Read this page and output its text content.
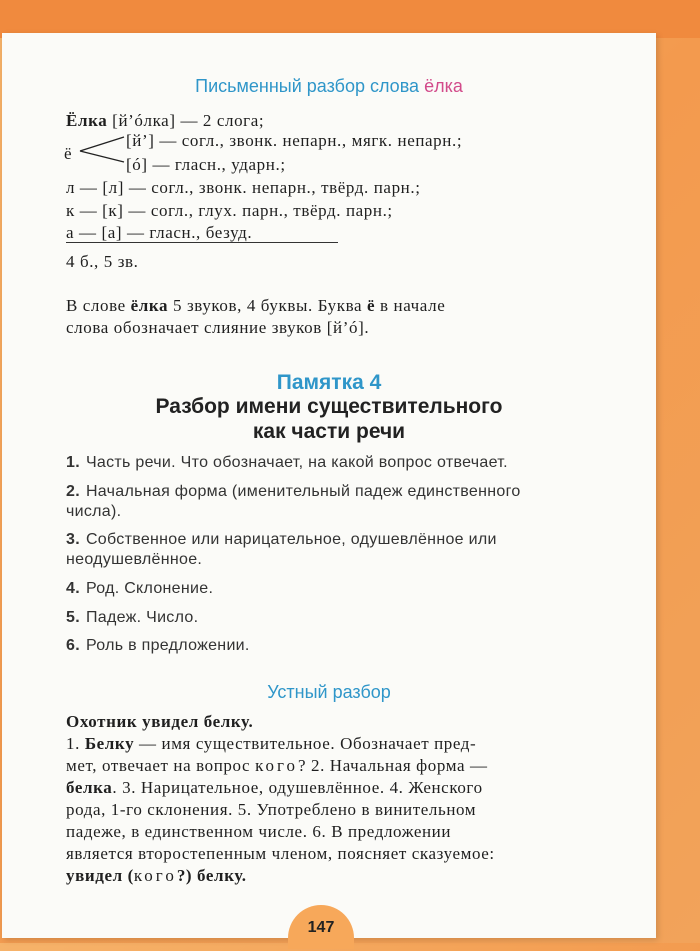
Письменный разбор слова ёлка
Ёлка [й’óлка] — 2 слога;
ё
[й’] — согл., звонк. непарн., мягк. непарн.;
[ó] — гласн., ударн.;
л — [л] — согл., звонк. непарн., твёрд. парн.;
к — [к] — согл., глух. парн., твёрд. парн.;
а — [а] — гласн., безуд.
4 б., 5 зв.
В слове ёлка 5 звуков, 4 буквы. Буква ё в начале
слова обозначает слияние звуков [й’ó].
Памятка 4
Разбор имени существительного
как части речи
1. Часть речи. Что обозначает, на какой вопрос отвечает.
2. Начальная форма (именительный падеж единственного
числа).
3. Собственное или нарицательное, одушевлённое или
неодушевлённое.
4. Род. Склонение.
5. Падеж. Число.
6. Роль в предложении.
Устный разбор
Охотник увидел белку.
1. Белку — имя существительное. Обозначает пред-
мет, отвечает на вопрос кого? 2. Начальная форма —
белка. 3. Нарицательное, одушевлённое. 4. Женского
рода, 1-го склонения. 5. Употреблено в винительном
падеже, в единственном числе. 6. В предложении
является второстепенным членом, поясняет сказуемое:
увидел (кого?) белку.
147
